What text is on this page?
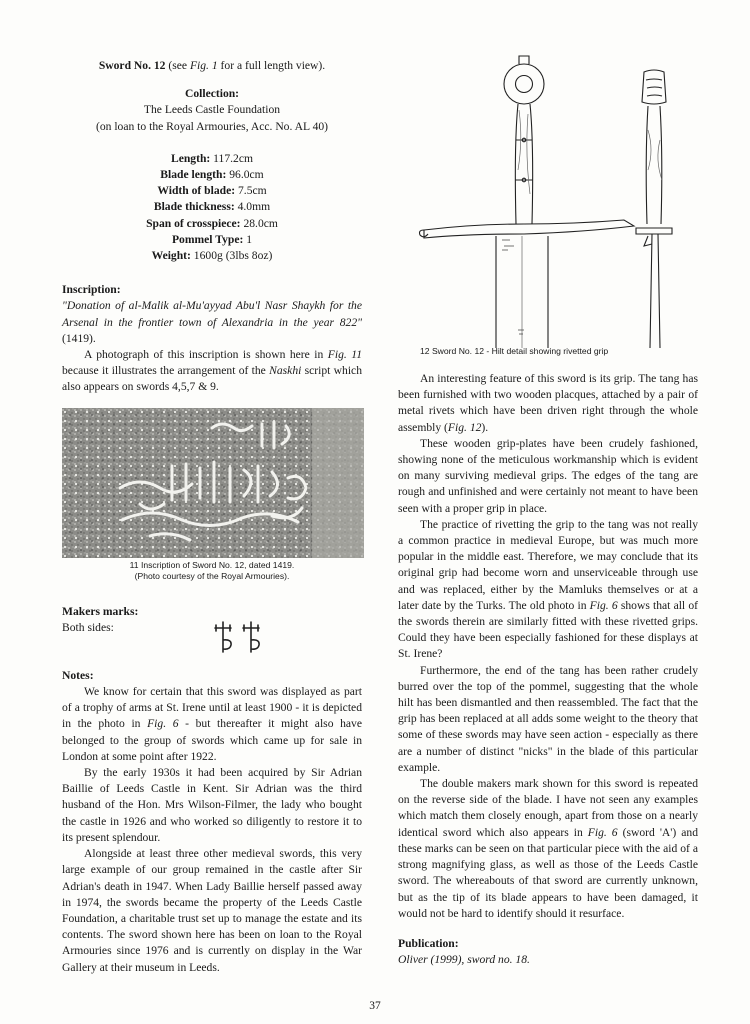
Sword No. 12 (see Fig. 1 for a full length view).
Collection:
The Leeds Castle Foundation
(on loan to the Royal Armouries, Acc. No. AL 40)
Length: 117.2cm
Blade length: 96.0cm
Width of blade: 7.5cm
Blade thickness: 4.0mm
Span of crosspiece: 28.0cm
Pommel Type: 1
Weight: 1600g (3lbs 8oz)
Inscription:

"Donation of al-Malik al-Mu'ayyad Abu'l Nasr Shaykh for the Arsenal in the frontier town of Alexandria in the year 822" (1419).

A photograph of this inscription is shown here in Fig. 11 because it illustrates the arrangement of the Naskhi script which also appears on swords 4,5,7 & 9.

11 Inscription of Sword No. 12, dated 1419.
(Photo courtesy of the Royal Armouries).
Makers marks:
Both sides:
Notes:

We know for certain that this sword was displayed as part of a trophy of arms at St. Irene until at least 1900 - it is depicted in the photo in Fig. 6 - but thereafter it might also have belonged to the group of swords which came up for sale in London at some point after 1922.

By the early 1930s it had been acquired by Sir Adrian Baillie of Leeds Castle in Kent. Sir Adrian was the third husband of the Hon. Mrs Wilson-Filmer, the lady who bought the castle in 1926 and who worked so diligently to restore it to its present splendour.

Alongside at least three other medieval swords, this very large example of our group remained in the castle after Sir Adrian's death in 1947. When Lady Baillie herself passed away in 1974, the swords became the property of the Leeds Castle Foundation, a charitable trust set up to manage the estate and its contents. The sword shown here has been on loan to the Royal Armouries since 1976 and is currently on display in the War Gallery at their museum in Leeds.

12 Sword No. 12 - Hilt detail showing rivetted grip

An interesting feature of this sword is its grip. The tang has been furnished with two wooden placques, attached by a pair of metal rivets which have been driven right through the whole assembly (Fig. 12).

These wooden grip-plates have been crudely fashioned, showing none of the meticulous workmanship which is evident on many surviving medieval grips. The edges of the tang are rough and unfinished and were certainly not meant to have been seen with a proper grip in place.

The practice of rivetting the grip to the tang was not really a common practice in medieval Europe, but was much more popular in the middle east. Therefore, we may conclude that its original grip had become worn and unserviceable through use and was replaced, either by the Mamluks themselves or at a later date by the Turks. The old photo in Fig. 6 shows that all of the swords therein are similarly fitted with these rivetted grips. Could they have been especially fashioned for these displays at St. Irene?

Furthermore, the end of the tang has been rather crudely burred over the top of the pommel, suggesting that the whole hilt has been dismantled and then reassembled. The fact that the grip has been replaced at all adds some weight to the theory that some of these swords may have seen action - especially as there are a number of distinct "nicks" in the blade of this particular example.

The double makers mark shown for this sword is repeated on the reverse side of the blade. I have not seen any examples which match them closely enough, apart from those on a nearly identical sword which also appears in Fig. 6 (sword 'A') and these marks can be seen on that particular piece with the aid of a strong magnifying glass, as well as those of the Leeds Castle sword. The whereabouts of that sword are currently unknown, but as the tip of its blade appears to have been damaged, it would not be hard to identify should it resurface.

Publication:
Oliver (1999), sword no. 18.
37
